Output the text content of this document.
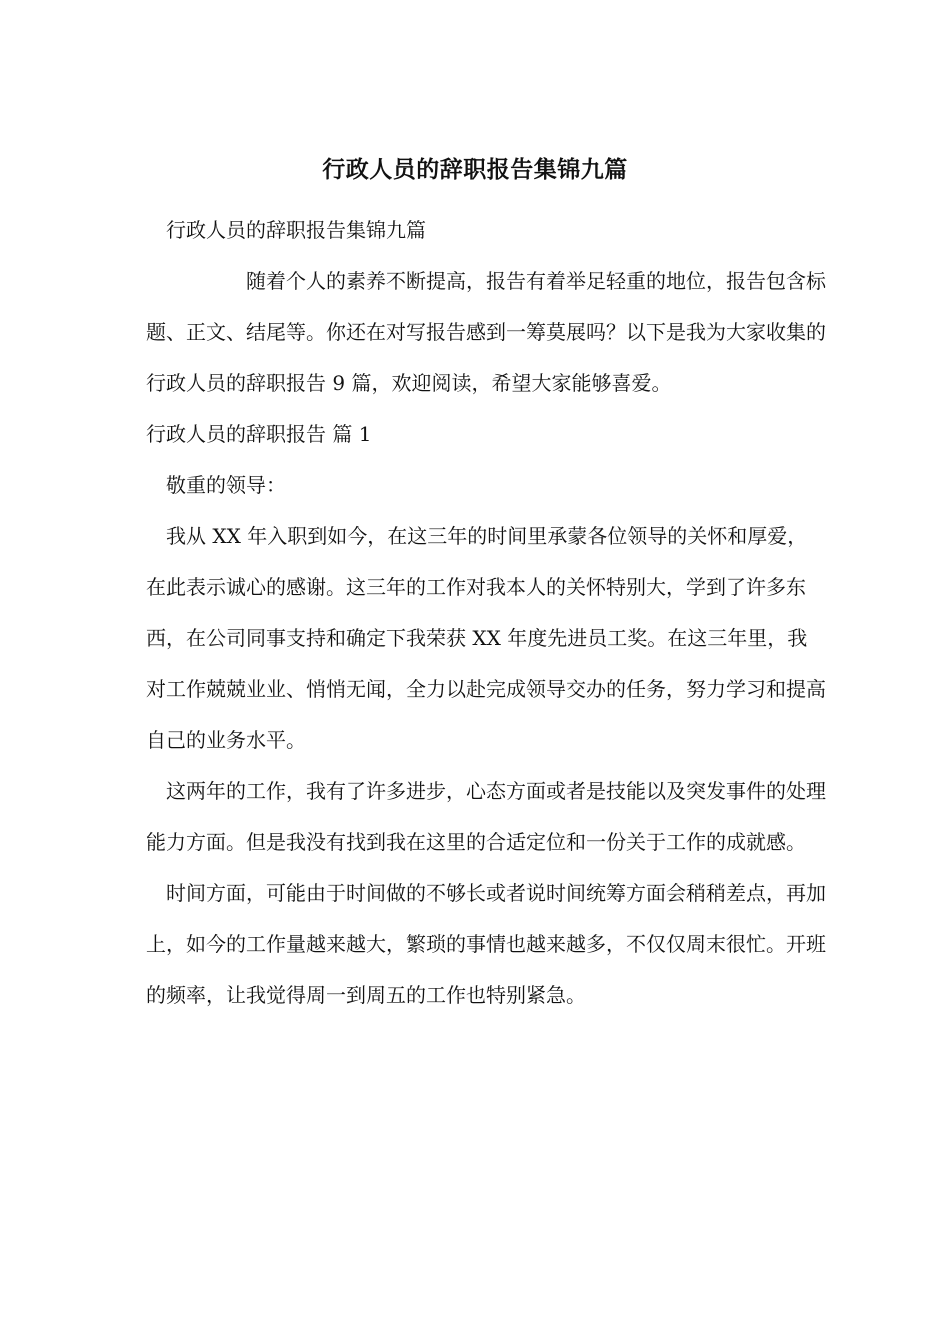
行政人员的辞职报告集锦九篇

行政人员的辞职报告集锦九篇

随着个人的素养不断提高，报告有着举足轻重的地位，报告包含标题、正文、结尾等。你还在对写报告感到一筹莫展吗？以下是我为大家收集的行政人员的辞职报告 9 篇，欢迎阅读，希望大家能够喜爱。

行政人员的辞职报告 篇 1

敬重的领导：

我从 XX 年入职到如今，在这三年的时间里承蒙各位领导的关怀和厚爱，在此表示诚心的感谢。这三年的工作对我本人的关怀特别大，学到了许多东西，在公司同事支持和确定下我荣获 XX 年度先进员工奖。在这三年里，我对工作兢兢业业、悄悄无闻，全力以赴完成领导交办的任务，努力学习和提高自己的业务水平。

这两年的工作，我有了许多进步，心态方面或者是技能以及突发事件的处理能力方面。但是我没有找到我在这里的合适定位和一份关于工作的成就感。

时间方面，可能由于时间做的不够长或者说时间统筹方面会稍稍差点，再加上，如今的工作量越来越大，繁琐的事情也越来越多，不仅仅周末很忙。开班的频率，让我觉得周一到周五的工作也特别紧急。
